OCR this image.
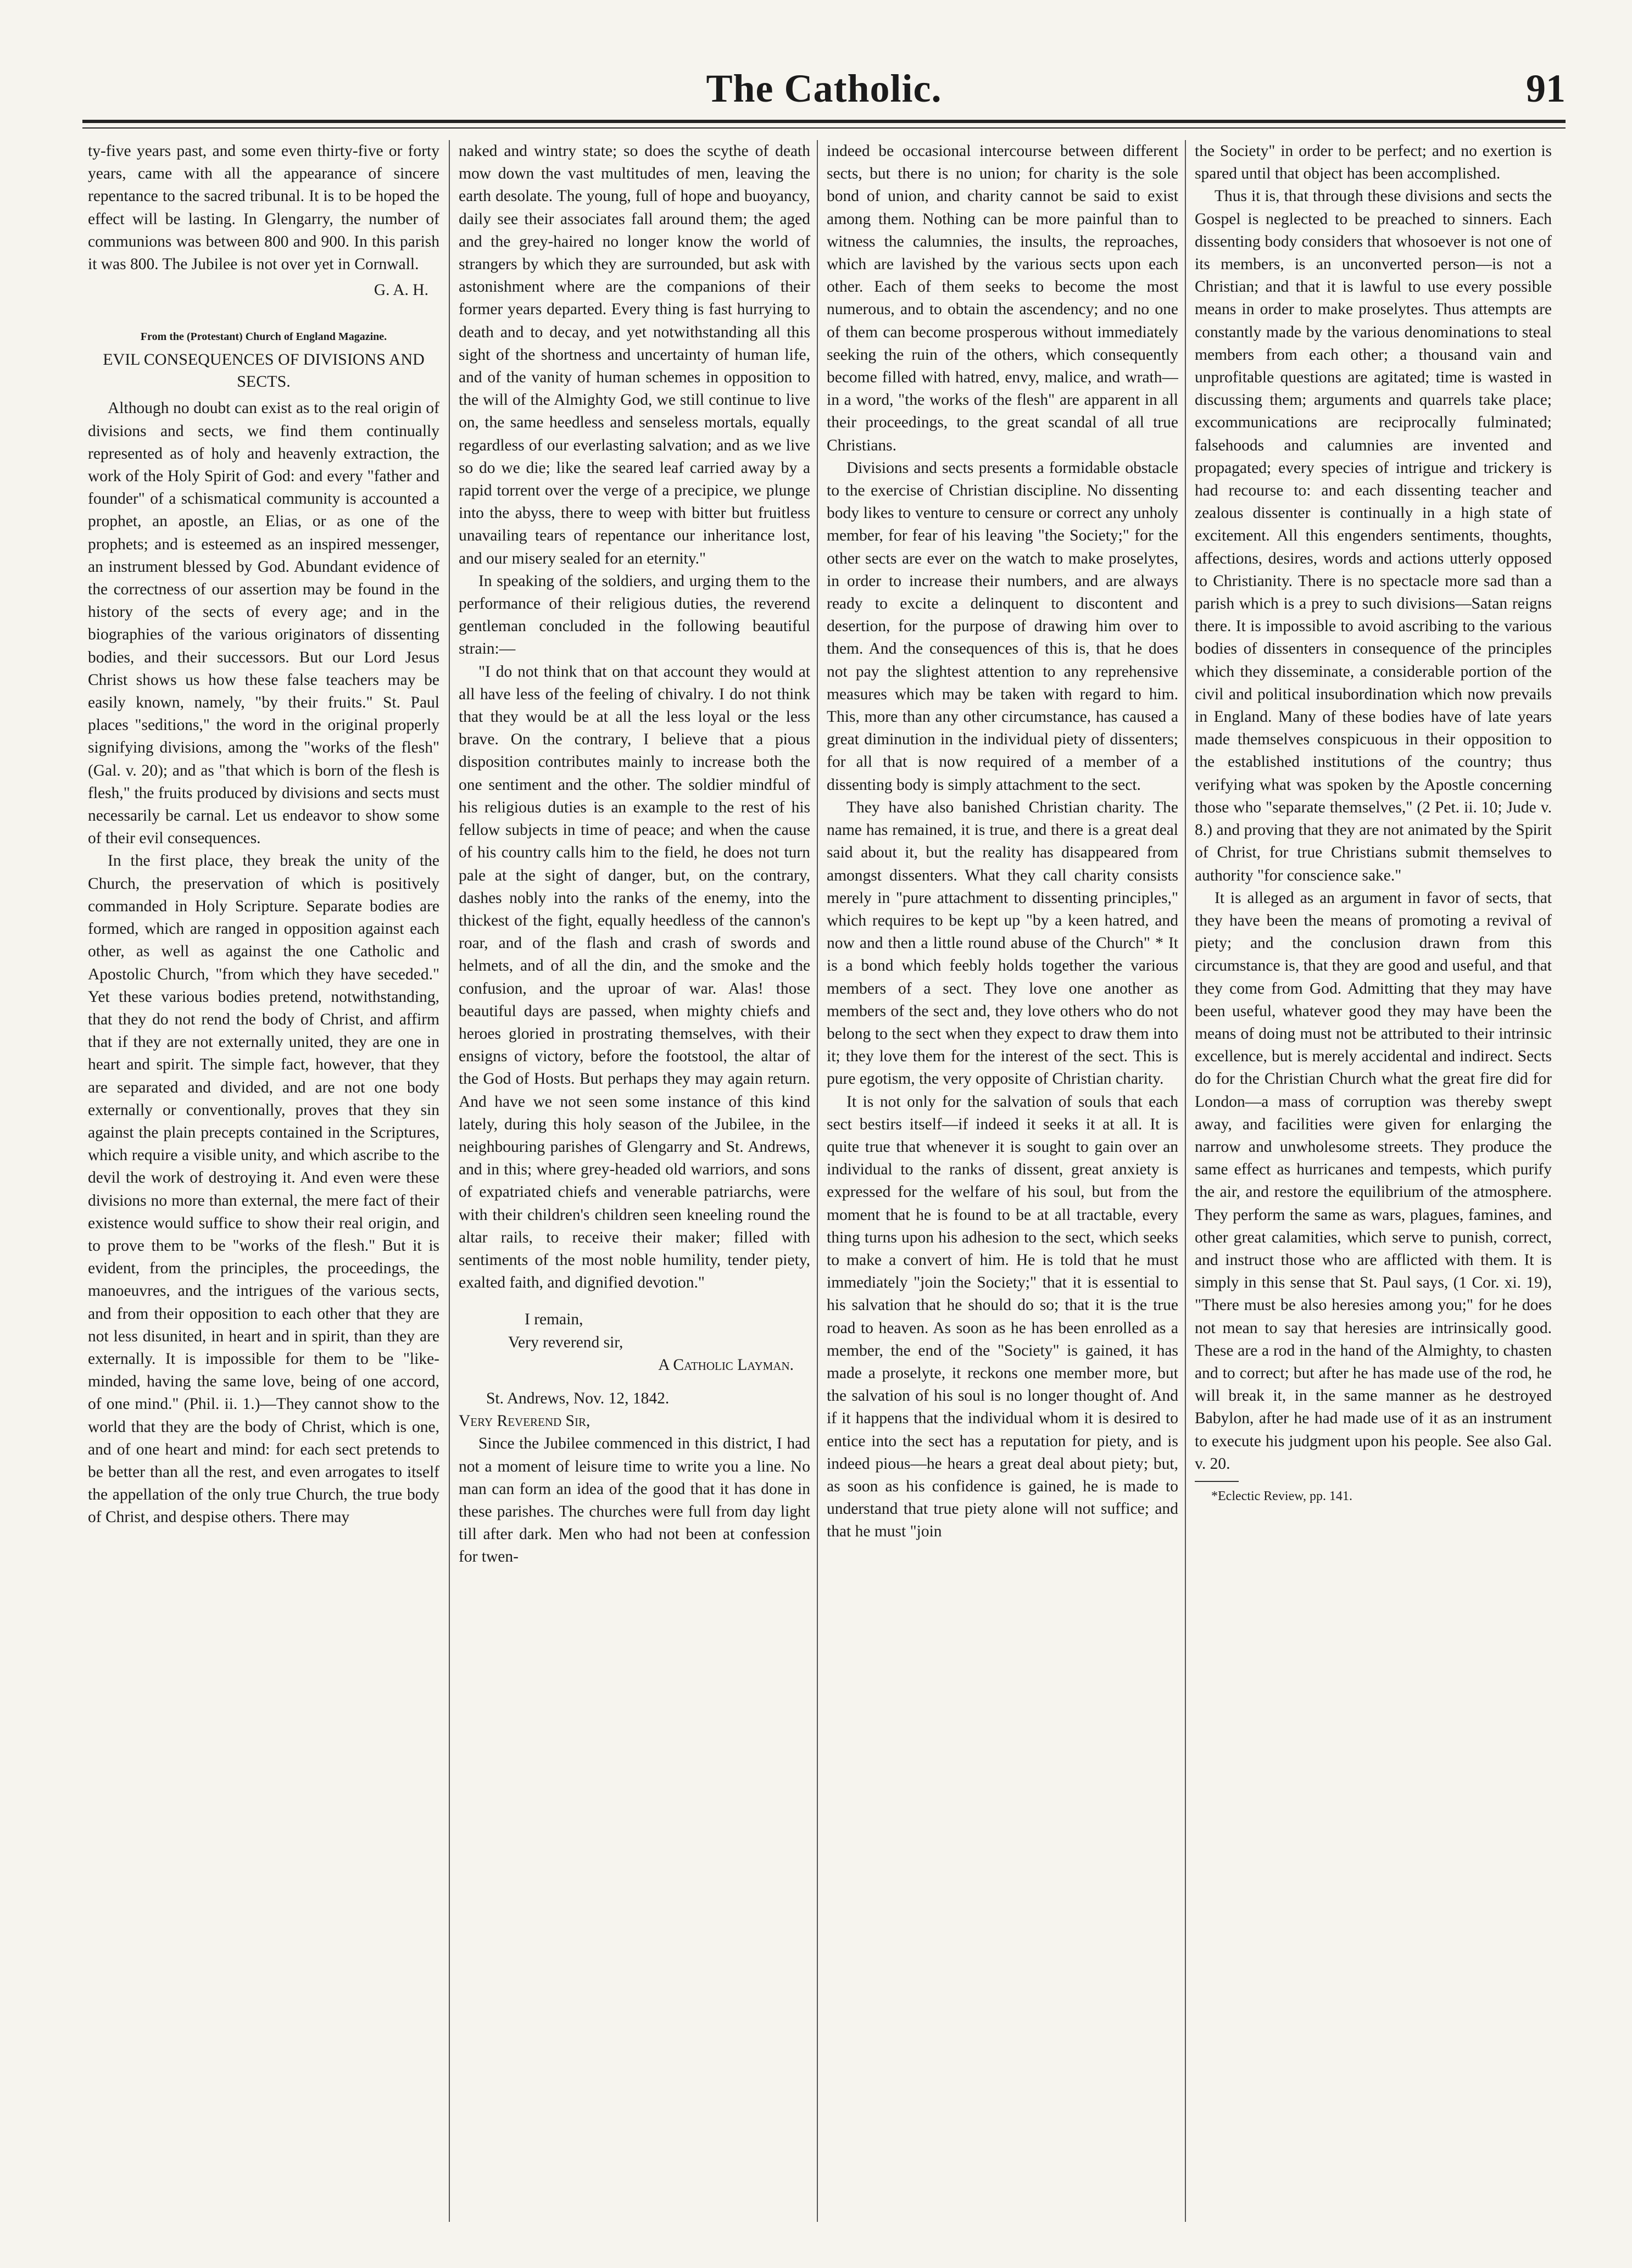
The Catholic.	91

ty-five years past, and some even thirty-five or forty years, came with all the appearance of sincere repentance to the sacred tribunal. It is to be hoped the effect will be lasting. In Glengarry, the number of communions was between 800 and 900. In this parish it was 800. The Jubilee is not over yet in Cornwall.

G. A. H.

From the (Protestant) Church of England Magazine.

EVIL CONSEQUENCES OF DIVISIONS AND SECTS.

Although no doubt can exist as to the real origin of divisions and sects, we find them continually represented as of holy and heavenly extraction, the work of the Holy Spirit of God: and every "father and founder" of a schismatical community is accounted a prophet, an apostle, an Elias, or as one of the prophets; and is esteemed as an inspired messenger, an instrument blessed by God. Abundant evidence of the correctness of our assertion may be found in the history of the sects of every age; and in the biographies of the various originators of dissenting bodies, and their successors. But our Lord Jesus Christ shows us how these false teachers may be easily known, namely, "by their fruits." St. Paul places "seditions," the word in the original properly signifying divisions, among the "works of the flesh" (Gal. v. 20); and as "that which is born of the flesh is flesh," the fruits produced by divisions and sects must necessarily be carnal. Let us endeavor to show some of their evil consequences.

In the first place, they break the unity of the Church, the preservation of which is positively commanded in Holy Scripture. Separate bodies are formed, which are ranged in opposition against each other, as well as against the one Catholic and Apostolic Church, "from which they have seceded." Yet these various bodies pretend, notwithstanding, that they do not rend the body of Christ, and affirm that if they are not externally united, they are one in heart and spirit. The simple fact, however, that they are separated and divided, and are not one body externally or conventionally, proves that they sin against the plain precepts contained in the Scriptures, which require a visible unity, and which ascribe to the devil the work of destroying it. And even were these divisions no more than external, the mere fact of their existence would suffice to show their real origin, and to prove them to be "works of the flesh." But it is evident, from the principles, the proceedings, the manoeuvres, and the intrigues of the various sects, and from their opposition to each other that they are not less disunited, in heart and in spirit, than they are externally. It is impossible for them to be "like-minded, having the same love, being of one accord, of one mind." (Phil. ii. 1.)—They cannot show to the world that they are the body of Christ, which is one, and of one heart and mind: for each sect pretends to be better than all the rest, and even arrogates to itself the appellation of the only true Church, the true body of Christ, and despise others. There may

naked and wintry state; so does the scythe of death mow down the vast multitudes of men, leaving the earth desolate. The young, full of hope and buoyancy, daily see their associates fall around them; the aged and the grey-haired no longer know the world of strangers by which they are surrounded, but ask with astonishment where are the companions of their former years departed. Every thing is fast hurrying to death and to decay, and yet notwithstanding all this sight of the shortness and uncertainty of human life, and of the vanity of human schemes in opposition to the will of the Almighty God, we still continue to live on, the same heedless and senseless mortals, equally regardless of our everlasting salvation; and as we live so do we die; like the seared leaf carried away by a rapid torrent over the verge of a precipice, we plunge into the abyss, there to weep with bitter but fruitless unavailing tears of repentance our inheritance lost, and our misery sealed for an eternity."

In speaking of the soldiers, and urging them to the performance of their religious duties, the reverend gentleman concluded in the following beautiful strain:—

"I do not think that on that account they would at all have less of the feeling of chivalry. I do not think that they would be at all the less loyal or the less brave. On the contrary, I believe that a pious disposition contributes mainly to increase both the one sentiment and the other. The soldier mindful of his religious duties is an example to the rest of his fellow subjects in time of peace; and when the cause of his country calls him to the field, he does not turn pale at the sight of danger, but, on the contrary, dashes nobly into the ranks of the enemy, into the thickest of the fight, equally heedless of the cannon's roar, and of the flash and crash of swords and helmets, and of all the din, and the smoke and the confusion, and the uproar of war. Alas! those beautiful days are passed, when mighty chiefs and heroes gloried in prostrating themselves, with their ensigns of victory, before the footstool, the altar of the God of Hosts. But perhaps they may again return. And have we not seen some instance of this kind lately, during this holy season of the Jubilee, in the neighbouring parishes of Glengarry and St. Andrews, and in this; where grey-headed old warriors, and sons of expatriated chiefs and venerable patriarchs, were with their children's children seen kneeling round the altar rails, to receive their maker; filled with sentiments of the most noble humility, tender piety, exalted faith, and dignified devotion."

I remain,

Very reverend sir,

A Catholic Layman.

St. Andrews, Nov. 12, 1842.

Very Reverend Sir,

Since the Jubilee commenced in this district, I had not a moment of leisure time to write you a line. No man can form an idea of the good that it has done in these parishes. The churches were full from day light till after dark. Men who had not been at confession for twen-

indeed be occasional intercourse between different sects, but there is no union; for charity is the sole bond of union, and charity cannot be said to exist among them. Nothing can be more painful than to witness the calumnies, the insults, the reproaches, which are lavished by the various sects upon each other. Each of them seeks to become the most numerous, and to obtain the ascendency; and no one of them can become prosperous without immediately seeking the ruin of the others, which consequently become filled with hatred, envy, malice, and wrath—in a word, "the works of the flesh" are apparent in all their proceedings, to the great scandal of all true Christians.

Divisions and sects presents a formidable obstacle to the exercise of Christian discipline. No dissenting body likes to venture to censure or correct any unholy member, for fear of his leaving "the Society;" for the other sects are ever on the watch to make proselytes, in order to increase their numbers, and are always ready to excite a delinquent to discontent and desertion, for the purpose of drawing him over to them. And the consequences of this is, that he does not pay the slightest attention to any reprehensive measures which may be taken with regard to him. This, more than any other circumstance, has caused a great diminution in the individual piety of dissenters; for all that is now required of a member of a dissenting body is simply attachment to the sect.

They have also banished Christian charity. The name has remained, it is true, and there is a great deal said about it, but the reality has disappeared from amongst dissenters. What they call charity consists merely in "pure attachment to dissenting principles," which requires to be kept up "by a keen hatred, and now and then a little round abuse of the Church" * It is a bond which feebly holds together the various members of a sect. They love one another as members of the sect and, they love others who do not belong to the sect when they expect to draw them into it; they love them for the interest of the sect. This is pure egotism, the very opposite of Christian charity.

It is not only for the salvation of souls that each sect bestirs itself—if indeed it seeks it at all. It is quite true that whenever it is sought to gain over an individual to the ranks of dissent, great anxiety is expressed for the welfare of his soul, but from the moment that he is found to be at all tractable, every thing turns upon his adhesion to the sect, which seeks to make a convert of him. He is told that he must immediately "join the Society;" that it is essential to his salvation that he should do so; that it is the true road to heaven. As soon as he has been enrolled as a member, the end of the "Society" is gained, it has made a proselyte, it reckons one member more, but the salvation of his soul is no longer thought of. And if it happens that the individual whom it is desired to entice into the sect has a reputation for piety, and is indeed pious—he hears a great deal about piety; but, as soon as his confidence is gained, he is made to understand that true piety alone will not suffice; and that he must "join

the Society" in order to be perfect; and no exertion is spared until that object has been accomplished.

Thus it is, that through these divisions and sects the Gospel is neglected to be preached to sinners. Each dissenting body considers that whosoever is not one of its members, is an unconverted person—is not a Christian; and that it is lawful to use every possible means in order to make proselytes. Thus attempts are constantly made by the various denominations to steal members from each other; a thousand vain and unprofitable questions are agitated; time is wasted in discussing them; arguments and quarrels take place; excommunications are reciprocally fulminated; falsehoods and calumnies are invented and propagated; every species of intrigue and trickery is had recourse to: and each dissenting teacher and zealous dissenter is continually in a high state of excitement. All this engenders sentiments, thoughts, affections, desires, words and actions utterly opposed to Christianity. There is no spectacle more sad than a parish which is a prey to such divisions—Satan reigns there. It is impossible to avoid ascribing to the various bodies of dissenters in consequence of the principles which they disseminate, a considerable portion of the civil and political insubordination which now prevails in England. Many of these bodies have of late years made themselves conspicuous in their opposition to the established institutions of the country; thus verifying what was spoken by the Apostle concerning those who "separate themselves," (2 Pet. ii. 10; Jude v. 8.) and proving that they are not animated by the Spirit of Christ, for true Christians submit themselves to authority "for conscience sake."

It is alleged as an argument in favor of sects, that they have been the means of promoting a revival of piety; and the conclusion drawn from this circumstance is, that they are good and useful, and that they come from God. Admitting that they may have been useful, whatever good they may have been the means of doing must not be attributed to their intrinsic excellence, but is merely accidental and indirect. Sects do for the Christian Church what the great fire did for London—a mass of corruption was thereby swept away, and facilities were given for enlarging the narrow and unwholesome streets. They produce the same effect as hurricanes and tempests, which purify the air, and restore the equilibrium of the atmosphere. They perform the same as wars, plagues, famines, and other great calamities, which serve to punish, correct, and instruct those who are afflicted with them. It is simply in this sense that St. Paul says, (1 Cor. xi. 19), "There must be also heresies among you;" for he does not mean to say that heresies are intrinsically good. These are a rod in the hand of the Almighty, to chasten and to correct; but after he has made use of the rod, he will break it, in the same manner as he destroyed Babylon, after he had made use of it as an instrument to execute his judgment upon his people. See also Gal. v. 20.

*Eclectic Review, pp. 141.
